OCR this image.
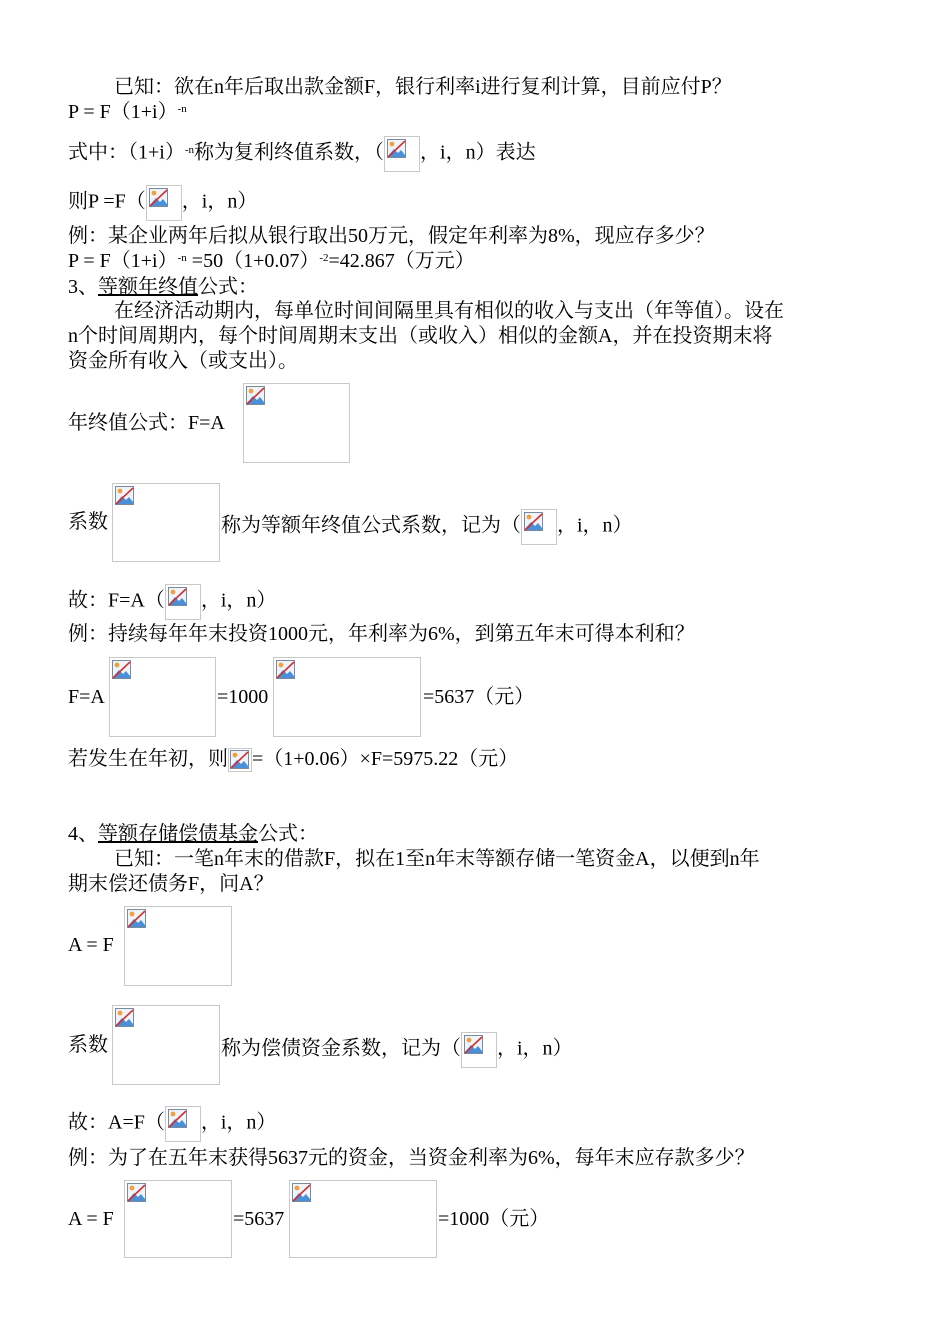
已知：欲在n年后取出款金额F，银行利率i进行复利计算，目前应付P？
$P = F(1+i)^{-n}$
式中：$(1+i)^{-n}$称为复利终值系数，（ ，i，n）表达
则P =F（ ，i，n）
例：某企业两年后拟从银行取出50万元，假定年利率为8%，现应存多少？
$P = F(1+i)^{-n} =50(1+0.07)^{-2}=42.867$（万元）
3、等额年终值公式：
在经济活动期内，每单位时间间隔里具有相似的收入与支出（年等值）。设在
n个时间周期内，每个时间周期末支出（或收入）相似的金额A，并在投资期末将
资金所有收入（或支出）。
年终值公式：F=A
系数	称为等额年终值公式系数，记为（ ，i，n）
故：F=A（ ，i，n）
例：持续每年年末投资1000元，年利率为6%，到第五年末可得本利和？
F=A	=1000	=5637（元）
若发生在年初，则 =（1+0.06）×F=5975.22（元）
4、等额存储偿债基金公式：
已知：一笔n年末的借款F，拟在1至n年末等额存储一笔资金A，以便到n年
期末偿还债务F，问A？
A = F
系数	称为偿债资金系数，记为（ ，i，n）
故：A=F（ ，i，n）
例：为了在五年末获得5637元的资金，当资金利率为6%，每年末应存款多少？
A = F	=5637	=1000（元）
